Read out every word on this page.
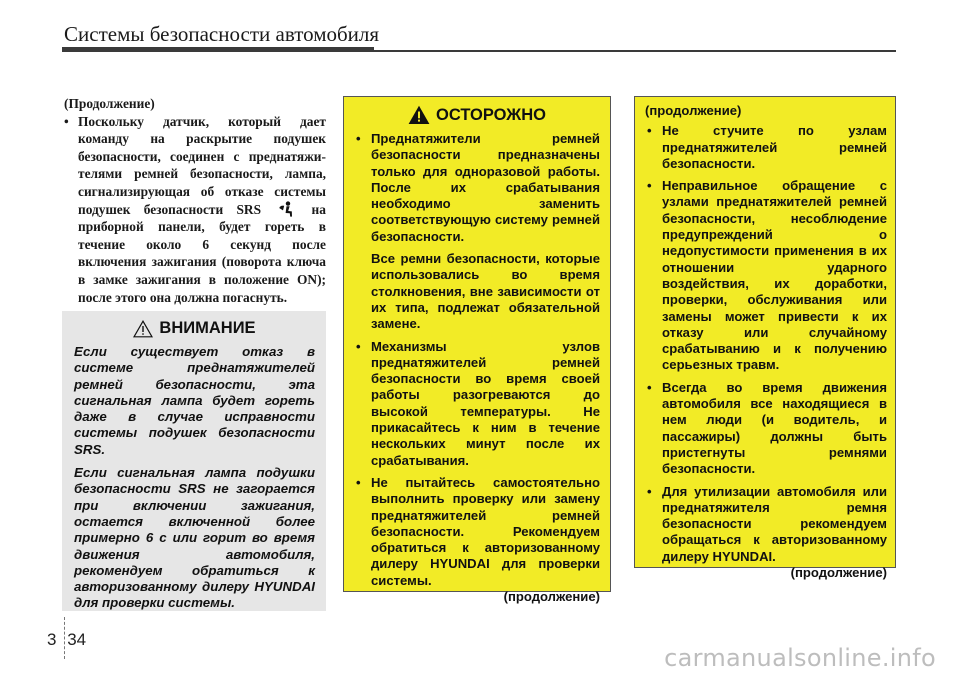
Системы безопасности автомобиля
(Продолжение)
• Поскольку датчик, который дает команду на раскрытие подушек безопасности, соединен с преднатяжителями ремней безопасности, лампа, сигнализирующая об отказе системы подушек безопасности SRS	на приборной панели, будет гореть в течение около 6 секунд после включения зажигания (поворота ключа в замке зажигания в положение ON); после этого она должна погаснуть.
ВНИМАНИЕ

Если существует отказ в системе преднатяжителей ремней безопасности, эта сигнальная лампа будет гореть даже в случае исправности системы подушек безопасности SRS.

Если сигнальная лампа подушки безопасности SRS не загорается при включении зажигания, остается включенной более примерно 6 с или горит во время движения автомобиля, рекомендуем обратиться к авторизованному дилеру HYUNDAI для проверки системы.

ОСТОРОЖНО
• Преднатяжители ремней безопасности предназначены только для одноразовой работы. После их срабатывания необходимо заменить соответствующую систему ремней безопасности.
Все ремни безопасности, которые использовались во время столкновения, вне зависимости от их типа, подлежат обязательной замене.
• Механизмы узлов преднатяжителей ремней безопасности во время своей работы разогреваются до высокой температуры. Не прикасайтесь к ним в течение нескольких минут после их срабатывания.
• Не пытайтесь самостоятельно выполнить проверку или замену преднатяжителей ремней безопасности. Рекомендуем обратиться к авторизованному дилеру HYUNDAI для проверки системы.
(продолжение)
(продолжение)
• Не стучите по узлам преднатяжителей ремней безопасности.
• Неправильное обращение с узлами преднатяжителей ремней безопасности, несоблюдение предупреждений о недопустимости применения в их отношении ударного воздействия, их доработки, проверки, обслуживания или замены может привести к их отказу или случайному срабатыванию и к получению серьезных травм.
• Всегда во время движения автомобиля все находящиеся в нем люди (и водитель, и пассажиры) должны быть пристегнуты ремнями безопасности.
• Для утилизации автомобиля или преднатяжителя ремня безопасности рекомендуем обращаться к авторизованному дилеру HYUNDAI.
(продолжение)
3 34
carmanualsonline.info
